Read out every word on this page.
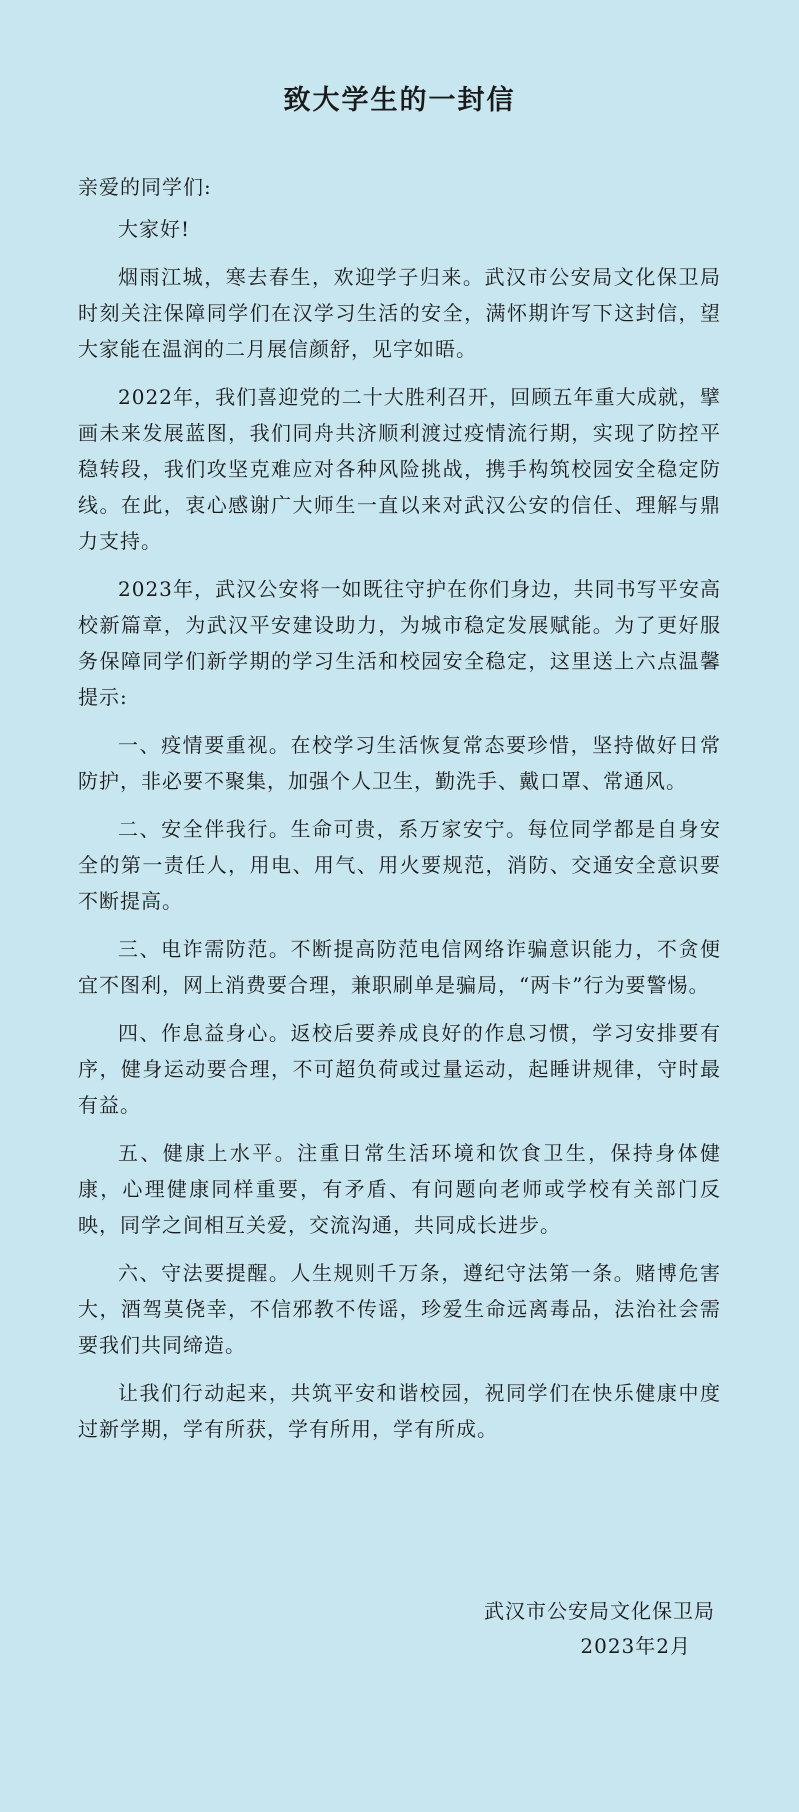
致大学生的一封信
亲爱的同学们:

大家好!

烟雨江城，寒去春生，欢迎学子归来。武汉市公安局文化保卫局时刻关注保障同学们在汉学习生活的安全，满怀期许写下这封信，望大家能在温润的二月展信颜舒，见字如晤。

2022年，我们喜迎党的二十大胜利召开，回顾五年重大成就，擘画未来发展蓝图，我们同舟共济顺利渡过疫情流行期，实现了防控平稳转段，我们攻坚克难应对各种风险挑战，携手构筑校园安全稳定防线。在此，衷心感谢广大师生一直以来对武汉公安的信任、理解与鼎力支持。

2023年，武汉公安将一如既往守护在你们身边，共同书写平安高校新篇章，为武汉平安建设助力，为城市稳定发展赋能。为了更好服务保障同学们新学期的学习生活和校园安全稳定，这里送上六点温馨提示:

一、疫情要重视。在校学习生活恢复常态要珍惜，坚持做好日常防护，非必要不聚集，加强个人卫生，勤洗手、戴口罩、常通风。

二、安全伴我行。生命可贵，系万家安宁。每位同学都是自身安全的第一责任人，用电、用气、用火要规范，消防、交通安全意识要不断提高。

三、电诈需防范。不断提高防范电信网络诈骗意识能力，不贪便宜不图利，网上消费要合理，兼职刷单是骗局，“两卡”行为要警惕。

四、作息益身心。返校后要养成良好的作息习惯，学习安排要有序，健身运动要合理，不可超负荷或过量运动，起睡讲规律，守时最有益。

五、健康上水平。注重日常生活环境和饮食卫生，保持身体健康，心理健康同样重要，有矛盾、有问题向老师或学校有关部门反映，同学之间相互关爱，交流沟通，共同成长进步。

六、守法要提醒。人生规则千万条，遵纪守法第一条。赌博危害大，酒驾莫侥幸，不信邪教不传谣，珍爱生命远离毒品，法治社会需要我们共同缔造。

让我们行动起来，共筑平安和谐校园，祝同学们在快乐健康中度过新学期，学有所获，学有所用，学有所成。

武汉市公安局文化保卫局
2023年2月
